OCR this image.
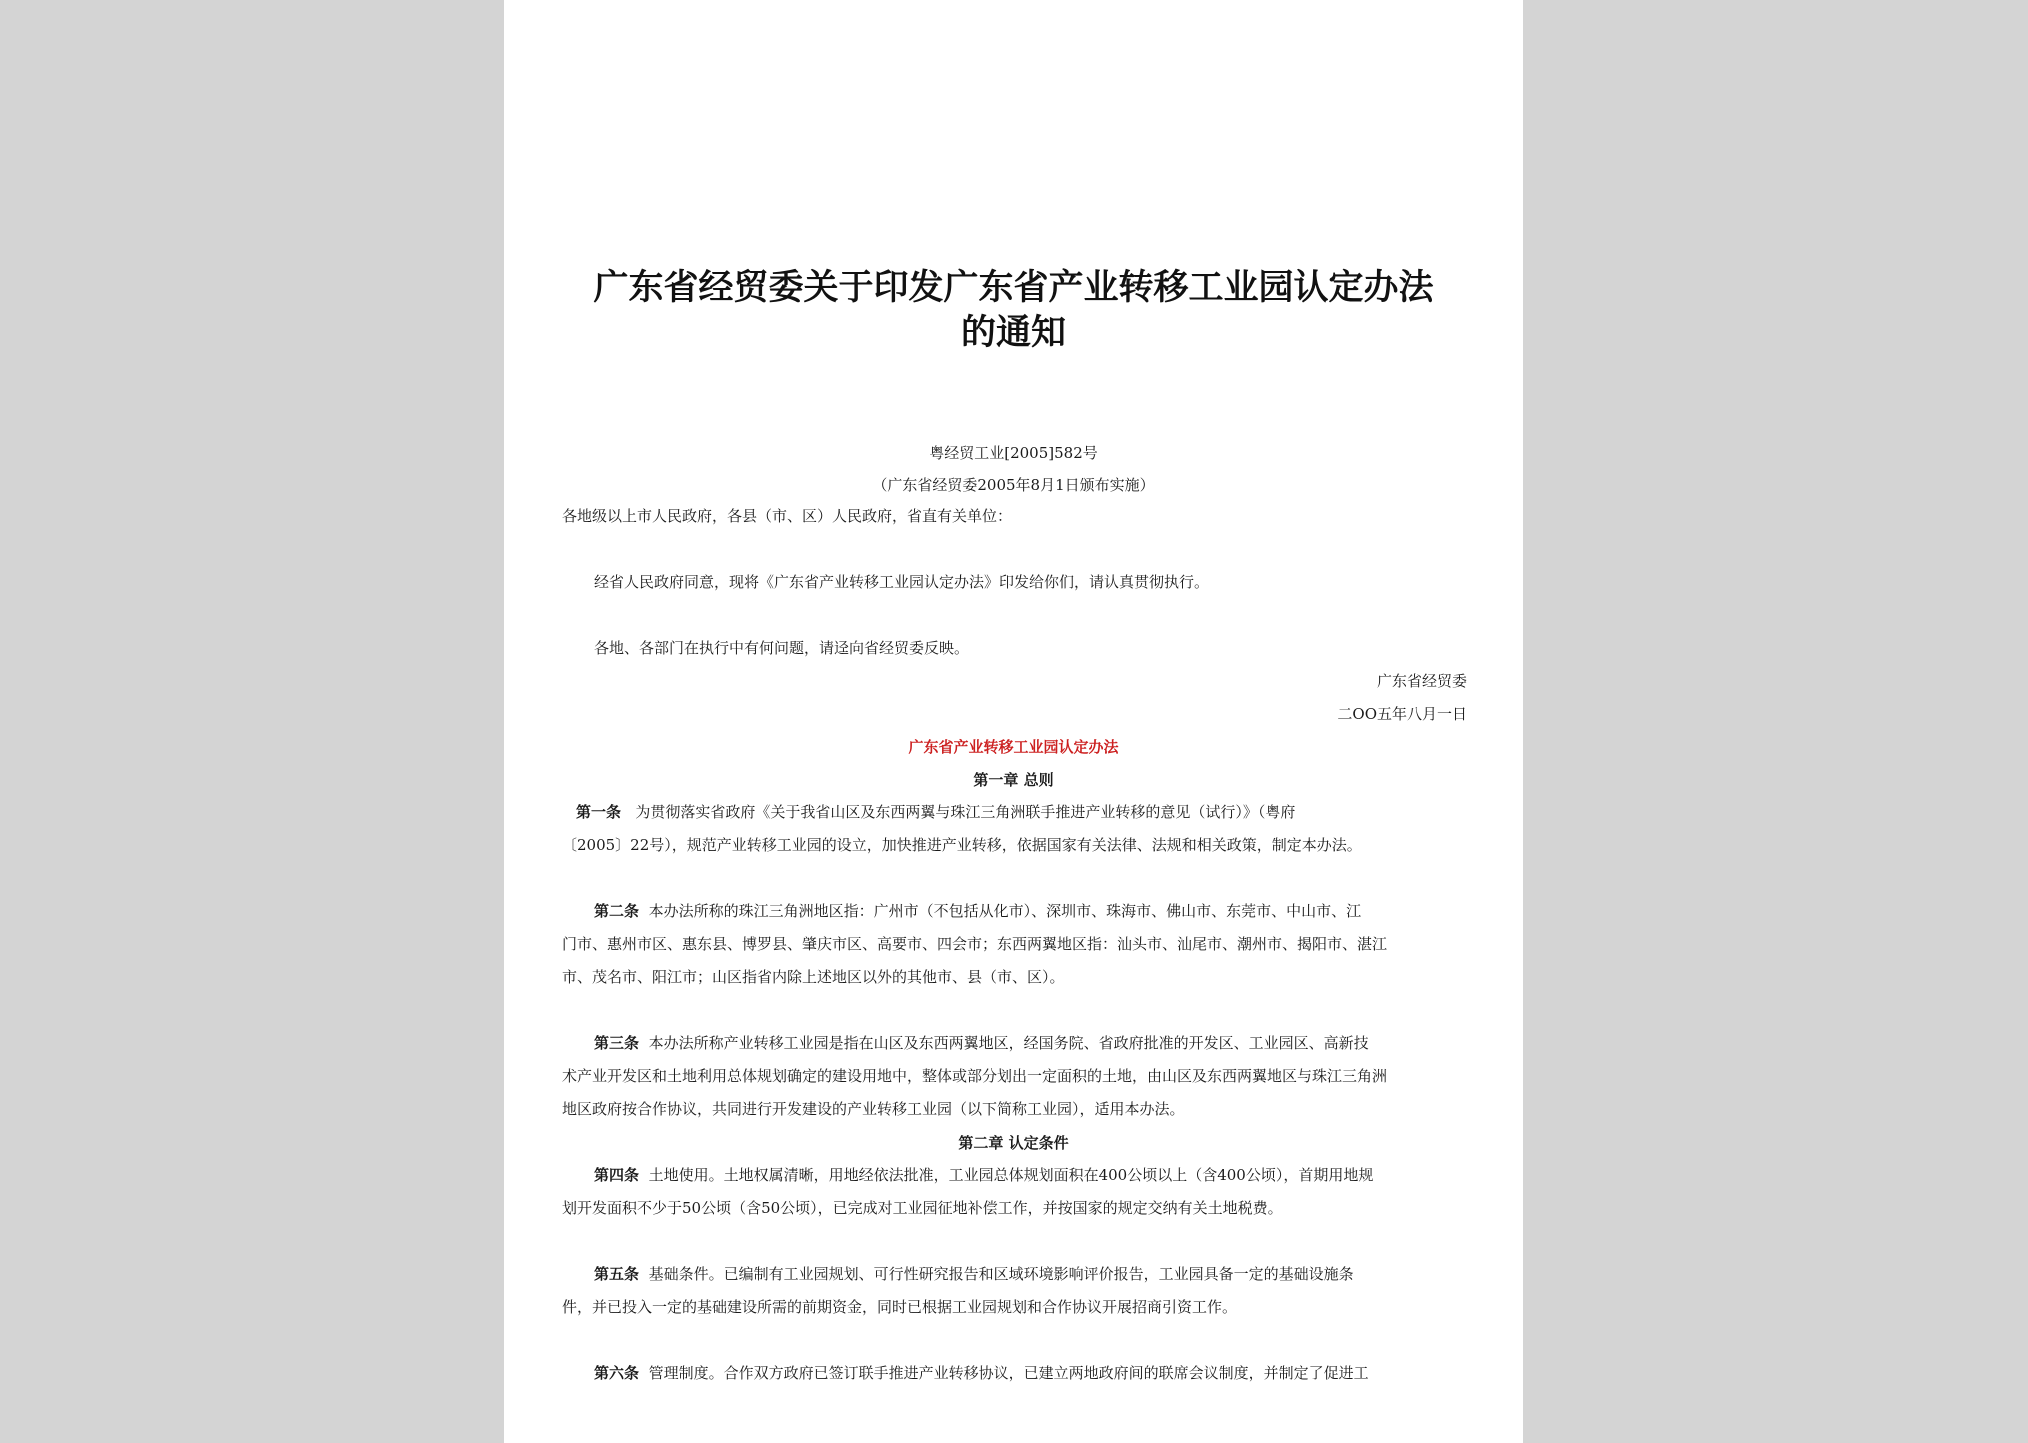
广东省经贸委关于印发广东省产业转移工业园认定办法
的通知

粤经贸工业[2005]582号

（广东省经贸委2005年8月1日颁布实施）

各地级以上市人民政府，各县（市、区）人民政府，省直有关单位：

经省人民政府同意，现将《广东省产业转移工业园认定办法》印发给你们，请认真贯彻执行。

各地、各部门在执行中有何问题，请迳向省经贸委反映。

广东省经贸委

二OO五年八月一日

广东省产业转移工业园认定办法

第一章 总则

第一条 为贯彻落实省政府《关于我省山区及东西两翼与珠江三角洲联手推进产业转移的意见（试行）》（粤府

〔2005〕22号），规范产业转移工业园的设立，加快推进产业转移，依据国家有关法律、法规和相关政策，制定本办法。

第二条 本办法所称的珠江三角洲地区指：广州市（不包括从化市）、深圳市、珠海市、佛山市、东莞市、中山市、江

门市、惠州市区、惠东县、博罗县、肇庆市区、高要市、四会市；东西两翼地区指：汕头市、汕尾市、潮州市、揭阳市、湛江

市、茂名市、阳江市；山区指省内除上述地区以外的其他市、县（市、区）。

第三条 本办法所称产业转移工业园是指在山区及东西两翼地区，经国务院、省政府批准的开发区、工业园区、高新技

术产业开发区和土地利用总体规划确定的建设用地中，整体或部分划出一定面积的土地，由山区及东西两翼地区与珠江三角洲

地区政府按合作协议，共同进行开发建设的产业转移工业园（以下简称工业园），适用本办法。

第二章 认定条件

第四条 土地使用。土地权属清晰，用地经依法批准，工业园总体规划面积在400公顷以上（含400公顷），首期用地规

划开发面积不少于50公顷（含50公顷），已完成对工业园征地补偿工作，并按国家的规定交纳有关土地税费。

第五条 基础条件。已编制有工业园规划、可行性研究报告和区域环境影响评价报告，工业园具备一定的基础设施条

件，并已投入一定的基础建设所需的前期资金，同时已根据工业园规划和合作协议开展招商引资工作。

第六条 管理制度。合作双方政府已签订联手推进产业转移协议，已建立两地政府间的联席会议制度，并制定了促进工
